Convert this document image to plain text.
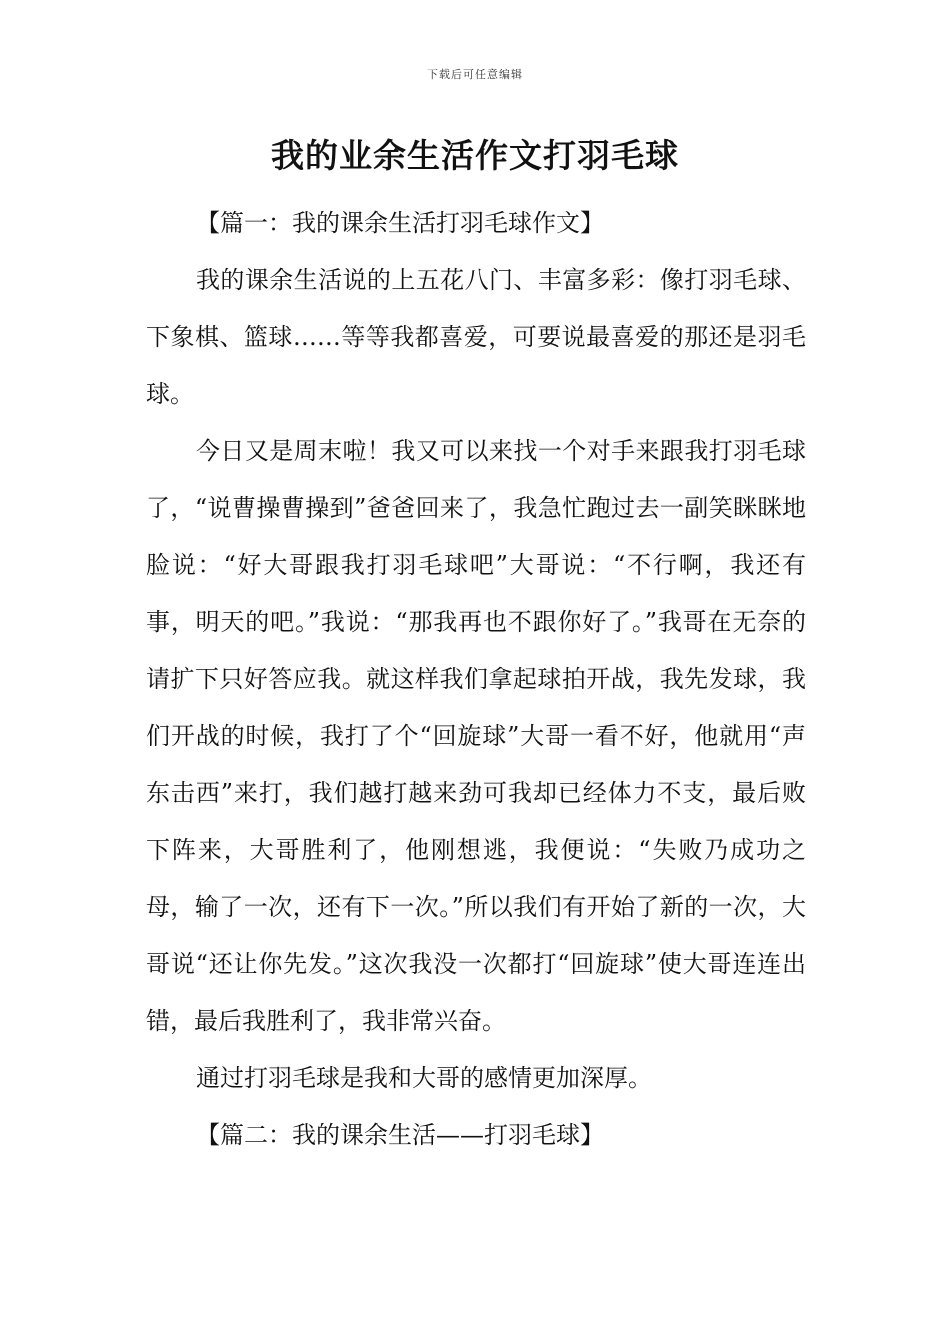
下载后可任意编辑
我的业余生活作文打羽毛球

【篇一：我的课余生活打羽毛球作文】

我的课余生活说的上五花八门、丰富多彩：像打羽毛球、下象棋、篮球……等等我都喜爱，可要说最喜爱的那还是羽毛球。

今日又是周末啦！我又可以来找一个对手来跟我打羽毛球了，“说曹操曹操到”爸爸回来了，我急忙跑过去一副笑眯眯地脸说：“好大哥跟我打羽毛球吧”大哥说：“不行啊，我还有事，明天的吧。”我说：“那我再也不跟你好了。”我哥在无奈的请扩下只好答应我。就这样我们拿起球拍开战，我先发球，我们开战的时候，我打了个“回旋球”大哥一看不好，他就用“声东击西”来打，我们越打越来劲可我却已经体力不支，最后败下阵来，大哥胜利了，他刚想逃，我便说：“失败乃成功之母，输了一次，还有下一次。”所以我们有开始了新的一次，大哥说“还让你先发。”这次我没一次都打“回旋球”使大哥连连出错，最后我胜利了，我非常兴奋。

通过打羽毛球是我和大哥的感情更加深厚。

【篇二：我的课余生活——打羽毛球】
